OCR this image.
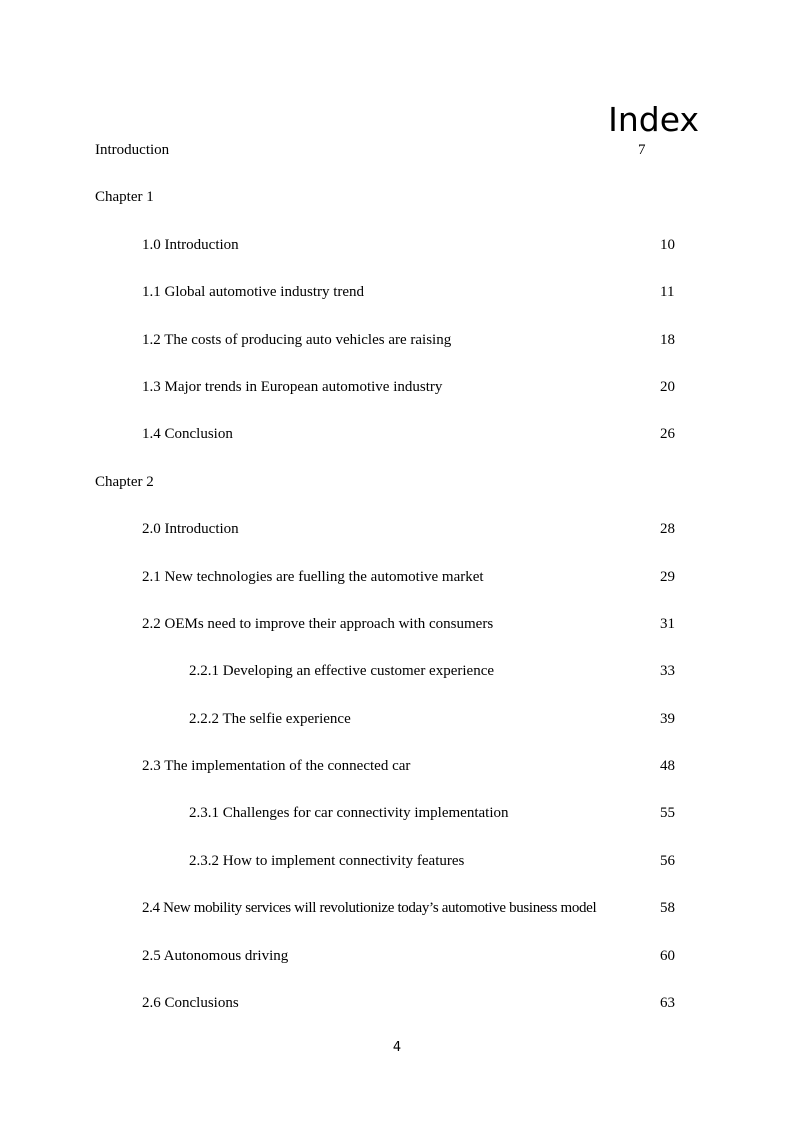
Index
Introduction	7
Chapter 1
1.0 Introduction	10
1.1 Global automotive industry trend	11
1.2 The costs of producing auto vehicles are raising	18
1.3 Major trends in European automotive industry	20
1.4 Conclusion	26
Chapter 2
2.0 Introduction	28
2.1 New technologies are fuelling the automotive market	29
2.2 OEMs need to improve their approach with consumers	31
2.2.1 Developing an effective customer experience	33
2.2.2 The selfie experience	39
2.3 The implementation of the connected car	48
2.3.1 Challenges for car connectivity implementation	55
2.3.2 How to implement connectivity features	56
2.4 New mobility services will revolutionize today’s automotive business model	58
2.5 Autonomous driving	60
2.6 Conclusions	63
4
